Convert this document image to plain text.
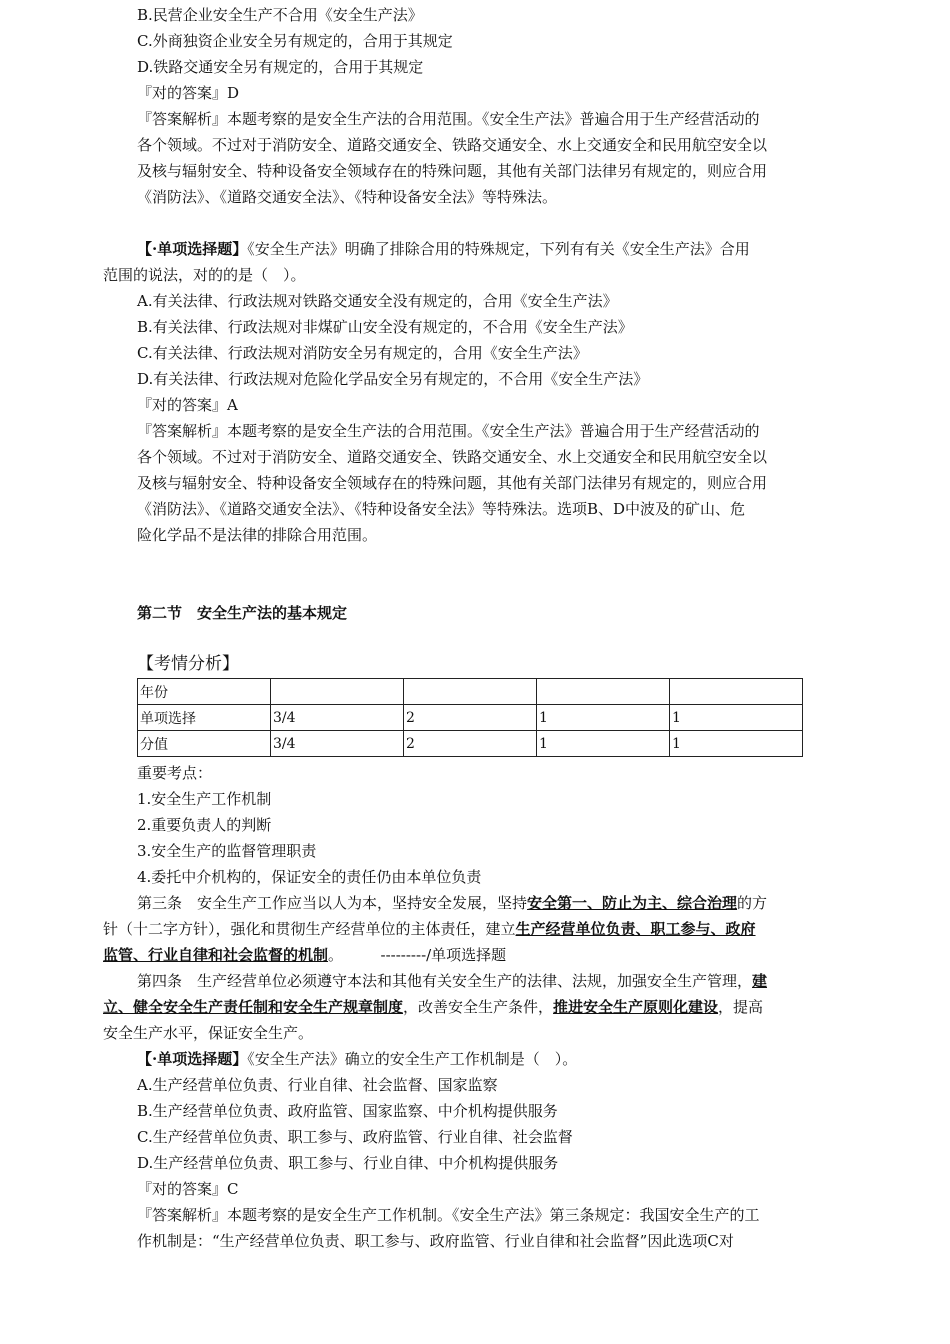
B.民营企业安全生产不合用《安全生产法》
C.外商独资企业安全另有规定的，合用于其规定
D.铁路交通安全另有规定的，合用于其规定
『对的答案』D
『答案解析』本题考察的是安全生产法的合用范围。《安全生产法》普遍合用于生产经营活动的
各个领域。不过对于消防安全、道路交通安全、铁路交通安全、水上交通安全和民用航空安全以
及核与辐射安全、特种设备安全领域存在的特殊问题，其他有关部门法律另有规定的，则应合用
《消防法》、《道路交通安全法》、《特种设备安全法》等特殊法。
【·单项选择题】《安全生产法》明确了排除合用的特殊规定，下列有有关《安全生产法》合用
范围的说法，对的的是（　）。
A.有关法律、行政法规对铁路交通安全没有规定的，合用《安全生产法》
B.有关法律、行政法规对非煤矿山安全没有规定的，不合用《安全生产法》
C.有关法律、行政法规对消防安全另有规定的，合用《安全生产法》
D.有关法律、行政法规对危险化学品安全另有规定的，不合用《安全生产法》
『对的答案』A
『答案解析』本题考察的是安全生产法的合用范围。《安全生产法》普遍合用于生产经营活动的
各个领域。不过对于消防安全、道路交通安全、铁路交通安全、水上交通安全和民用航空安全以
及核与辐射安全、特种设备安全领域存在的特殊问题，其他有关部门法律另有规定的，则应合用
《消防法》、《道路交通安全法》、《特种设备安全法》等特殊法。选项B、D中波及的矿山、危
险化学品不是法律的排除合用范围。
第二节　安全生产法的基本规定
【考情分析】
年份				
单项选择	3/4	2	1	1
分值	3/4	2	1	1
重要考点：
1.安全生产工作机制
2.重要负责人的判断
3.安全生产的监督管理职责
4.委托中介机构的，保证安全的责任仍由本单位负责
第三条　安全生产工作应当以人为本，坚持安全发展，坚持安全第一、防止为主、综合治理的方
针（十二字方针），强化和贯彻生产经营单位的主体责任，建立生产经营单位负责、职工参与、政府
监管、行业自律和社会监督的机制。　　　---------/单项选择题
第四条　生产经营单位必须遵守本法和其他有关安全生产的法律、法规，加强安全生产管理，建
立、健全安全生产责任制和安全生产规章制度，改善安全生产条件，推进安全生产原则化建设，提高
安全生产水平，保证安全生产。
【·单项选择题】《安全生产法》确立的安全生产工作机制是（　）。
A.生产经营单位负责、行业自律、社会监督、国家监察
B.生产经营单位负责、政府监管、国家监察、中介机构提供服务
C.生产经营单位负责、职工参与、政府监管、行业自律、社会监督
D.生产经营单位负责、职工参与、行业自律、中介机构提供服务
『对的答案』C
『答案解析』本题考察的是安全生产工作机制。《安全生产法》第三条规定：我国安全生产的工
作机制是：“生产经营单位负责、职工参与、政府监管、行业自律和社会监督”因此选项C对
